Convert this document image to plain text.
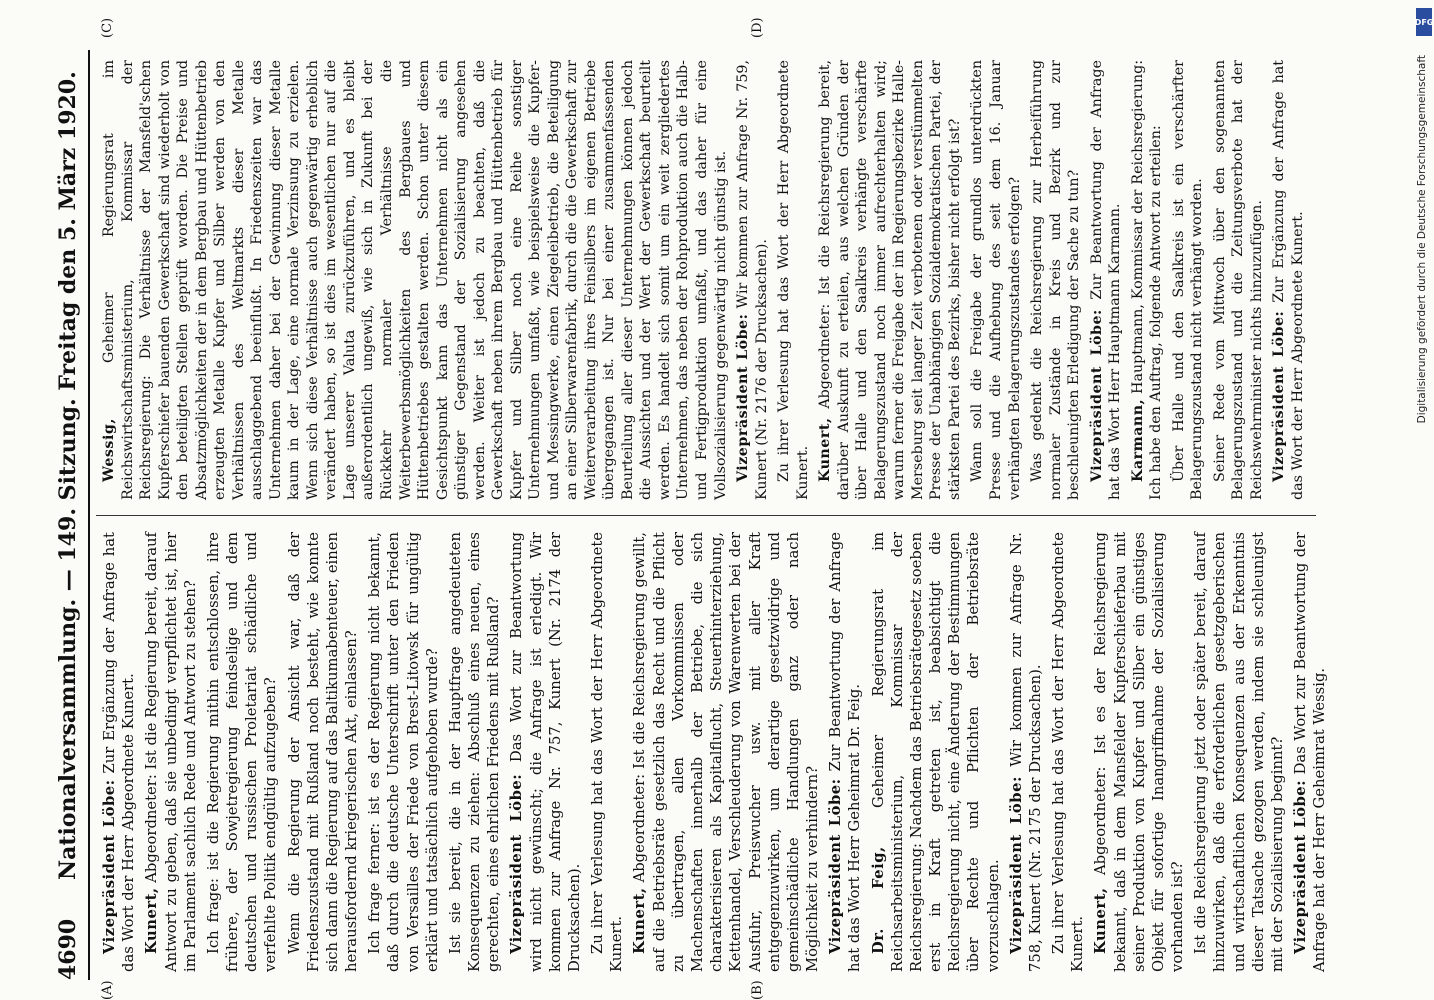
4690
Nationalversammlung. — 149. Sitzung. Freitag den 5. März 1920.
(A)	(B)
(C)	(D)

Vizepräsident Löbe: Zur Ergänzung der Anfrage hat das Wort der Herr Abgeordnete Kunert. Kunert, Abgeordneter: Ist die Regierung bereit, darauf Antwort zu geben, daß sie unbedingt verpflichtet ist, hier im Parlament sachlich Rede und Antwort zu stehen? Ich frage: ist die Regierung mithin entschlossen, ihre frühere, der Sowjetregierung feindselige und dem deutschen und russischen Proletariat schädliche und verfehlte Politik endgültig aufzugeben? Wenn die Regierung der Ansicht war, daß der Friedenszustand mit Rußland noch besteht, wie konnte sich dann die Regierung auf das Baltikumabenteuer, einen herausfordernd kriegerischen Akt, einlassen? Ich frage ferner: ist es der Regierung nicht bekannt, daß durch die deutsche Unterschrift unter den Frieden von Versailles der Friede von Brest-Litowsk für ungültig erklärt und tatsächlich aufgehoben wurde? Ist sie bereit, die in der Hauptfrage angedeuteten Konsequenzen zu ziehen: Abschluß eines neuen, eines gerechten, eines ehrlichen Friedens mit Rußland? Vizepräsident Löbe: Das Wort zur Beantwortung wird nicht gewünscht; die Anfrage ist erledigt. Wir kommen zur Anfrage Nr. 757, Kunert (Nr. 2174 der Drucksachen). Zu ihrer Verlesung hat das Wort der Herr Abgeordnete Kunert. Kunert, Abgeordneter: Ist die Reichsregierung gewillt, auf die Betriebsräte gesetzlich das Recht und die Pflicht zu übertragen, allen Vorkommnissen oder Machenschaften innerhalb der Betriebe, die sich charakterisieren als Kapitalflucht, Steuerhinterziehung, Kettenhandel, Verschleuderung von Warenwerten bei der Ausfuhr, Preiswucher usw. mit aller Kraft entgegenzuwirken, um derartige gesetzwidrige und gemeinschädliche Handlungen ganz oder nach Möglichkeit zu verhindern? Vizepräsident Löbe: Zur Beantwortung der Anfrage hat das Wort Herr Geheimrat Dr. Feig. Dr. Feig, Geheimer Regierungsrat im Reichsarbeitsministerium, Kommissar der Reichsregierung: Nachdem das Betriebsrätegesetz soeben erst in Kraft getreten ist, beabsichtigt die Reichsregierung nicht, eine Änderung der Bestimmungen über Rechte und Pflichten der Betriebsräte vorzuschlagen. Vizepräsident Löbe: Wir kommen zur Anfrage Nr. 758, Kunert (Nr. 2175 der Drucksachen). Zu ihrer Verlesung hat das Wort der Herr Abgeordnete Kunert. Kunert, Abgeordneter: Ist es der Reichsregierung bekannt, daß in dem Mansfelder Kupferschieferbau mit seiner Produktion von Kupfer und Silber ein günstiges Objekt für sofortige Inangriffnahme der Sozialisierung vorhanden ist? Ist die Reichsregierung jetzt oder später bereit, darauf hinzuwirken, daß die erforderlichen gesetzgeberischen und wirtschaftlichen Konsequenzen aus der Erkenntnis dieser Tatsache gezogen werden, indem sie schleunigst mit der Sozialisierung beginnt? Vizepräsident Löbe: Das Wort zur Beantwortung der Anfrage hat der Herr Geheimrat Wessig.

Wessig, Geheimer Regierungsrat im Reichswirtschaftsministerium, Kommissar der Reichsregierung: Die Verhältnisse der Mansfeld'schen Kupferschiefer bauenden Gewerkschaft sind wiederholt von den beteiligten Stellen geprüft worden. Die Preise und Absatzmöglichkeiten der in dem Bergbau und Hüttenbetrieb erzeugten Metalle Kupfer und Silber werden von den Verhältnissen des Weltmarkts dieser Metalle ausschlaggebend beeinflußt. In Friedenszeiten war das Unternehmen daher bei der Gewinnung dieser Metalle kaum in der Lage, eine normale Verzinsung zu erzielen. Wenn sich diese Verhältnisse auch gegenwärtig erheblich verändert haben, so ist dies im wesentlichen nur auf die Lage unserer Valuta zurückzuführen, und es bleibt außerordentlich ungewiß, wie sich in Zukunft bei der Rückkehr normaler Verhältnisse die Weiterbewerbsmöglichkeiten des Bergbaues und Hüttenbetriebes gestalten werden. Schon unter diesem Gesichtspunkt kann das Unternehmen nicht als ein günstiger Gegenstand der Sozialisierung angesehen werden. Weiter ist jedoch zu beachten, daß die Gewerkschaft neben ihrem Bergbau und Hüttenbetrieb für Kupfer und Silber noch eine Reihe sonstiger Unternehmungen umfaßt, wie beispielsweise die Kupfer- und Messingwerke, einen Ziegeleibetrieb, die Beteiligung an einer Silberwarenfabrik, durch die die Gewerkschaft zur Weiterverarbeitung ihres Feinsilbers im eigenen Betriebe übergegangen ist. Nur bei einer zusammenfassenden Beurteilung aller dieser Unternehmungen können jedoch die Aussichten und der Wert der Gewerkschaft beurteilt werden. Es handelt sich somit um ein weit zergliedertes Unternehmen, das neben der Rohproduktion auch die Halb- und Fertigproduktion umfaßt, und das daher für eine Vollsozialisierung gegenwärtig nicht günstig ist. Vizepräsident Löbe: Wir kommen zur Anfrage Nr. 759, Kunert (Nr. 2176 der Drucksachen). Zu ihrer Verlesung hat das Wort der Herr Abgeordnete Kunert. Kunert, Abgeordneter: Ist die Reichsregierung bereit, darüber Auskunft zu erteilen, aus welchen Gründen der über Halle und den Saalkreis verhängte verschärfte Belagerungszustand noch immer aufrechterhalten wird; warum ferner die Freigabe der im Regierungsbezirke Halle-Merseburg seit langer Zeit verbotenen oder verstümmelten Presse der Unabhängigen Sozialdemokratischen Partei, der stärksten Partei des Bezirks, bisher nicht erfolgt ist? Wann soll die Freigabe der grundlos unterdrückten Presse und die Aufhebung des seit dem 16. Januar verhängten Belagerungszustandes erfolgen? Was gedenkt die Reichsregierung zur Herbeiführung normaler Zustände in Kreis und Bezirk und zur beschleunigten Erledigung der Sache zu tun? Vizepräsident Löbe: Zur Beantwortung der Anfrage hat das Wort Herr Hauptmann Karmann. Karmann, Hauptmann, Kommissar der Reichsregierung: Ich habe den Auftrag, folgende Antwort zu erteilen: Über Halle und den Saalkreis ist ein verschärfter Belagerungszustand nicht verhängt worden. Seiner Rede vom Mittwoch über den sogenannten Belagerungszustand und die Zeitungsverbote hat der Reichswehrminister nichts hinzuzufügen. Vizepräsident Löbe: Zur Ergänzung der Anfrage hat das Wort der Herr Abgeordnete Kunert.

DFG
Digitalisierung gefördert durch die Deutsche Forschungsgemeinschaft
